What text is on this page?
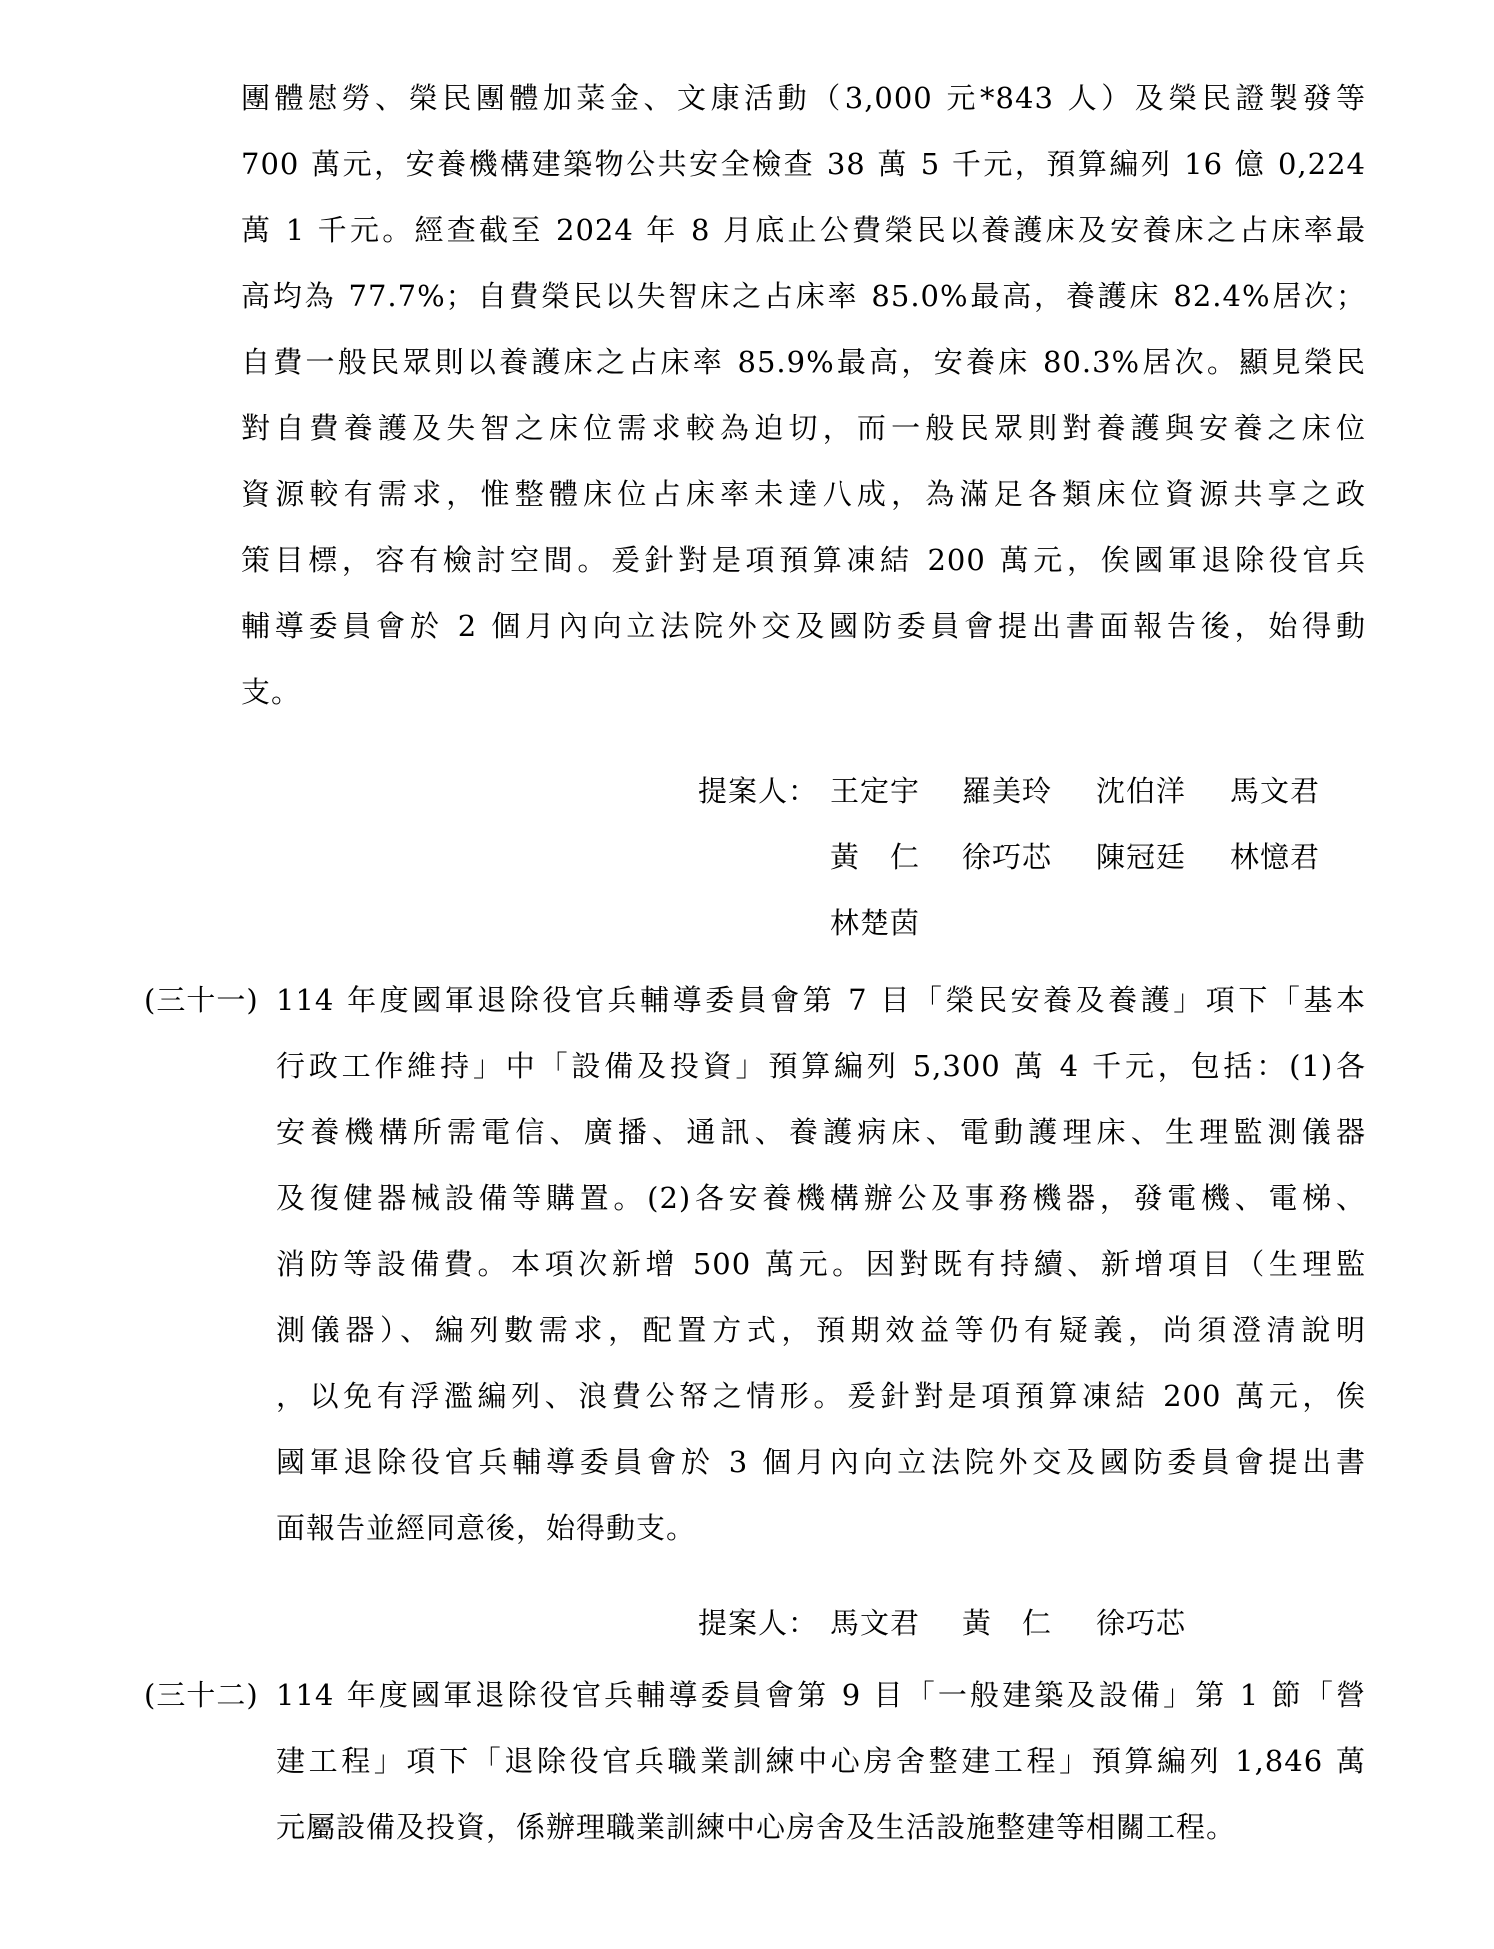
團體慰勞、榮民團體加菜金、文康活動（3,000 元*843 人）及榮民證製發等
700 萬元，安養機構建築物公共安全檢查 38 萬 5 千元，預算編列 16 億 0,224
萬 1 千元。經查截至 2024 年 8 月底止公費榮民以養護床及安養床之占床率最
高均為 77.7%；自費榮民以失智床之占床率 85.0%最高，養護床 82.4%居次；
自費一般民眾則以養護床之占床率 85.9%最高，安養床 80.3%居次。顯見榮民
對自費養護及失智之床位需求較為迫切，而一般民眾則對養護與安養之床位
資源較有需求，惟整體床位占床率未達八成，為滿足各類床位資源共享之政
策目標，容有檢討空間。爰針對是項預算凍結 200 萬元，俟國軍退除役官兵
輔導委員會於 2 個月內向立法院外交及國防委員會提出書面報告後，始得動
支。
提案人： 王定宇 羅美玲 沈伯洋 馬文君
黃　仁 徐巧芯 陳冠廷 林憶君
林楚茵
(三十一) 114 年度國軍退除役官兵輔導委員會第 7 目「榮民安養及養護」項下「基本
行政工作維持」中「設備及投資」預算編列 5,300 萬 4 千元，包括：(1)各
安養機構所需電信、廣播、通訊、養護病床、電動護理床、生理監測儀器
及復健器械設備等購置。(2)各安養機構辦公及事務機器，發電機、電梯、
消防等設備費。本項次新增 500 萬元。因對既有持續、新增項目（生理監
測儀器）、編列數需求，配置方式，預期效益等仍有疑義，尚須澄清說明
，以免有浮濫編列、浪費公帑之情形。爰針對是項預算凍結 200 萬元，俟
國軍退除役官兵輔導委員會於 3 個月內向立法院外交及國防委員會提出書
面報告並經同意後，始得動支。
提案人： 馬文君 黃　仁 徐巧芯
(三十二) 114 年度國軍退除役官兵輔導委員會第 9 目「一般建築及設備」第 1 節「營
建工程」項下「退除役官兵職業訓練中心房舍整建工程」預算編列 1,846 萬
元屬設備及投資，係辦理職業訓練中心房舍及生活設施整建等相關工程。
